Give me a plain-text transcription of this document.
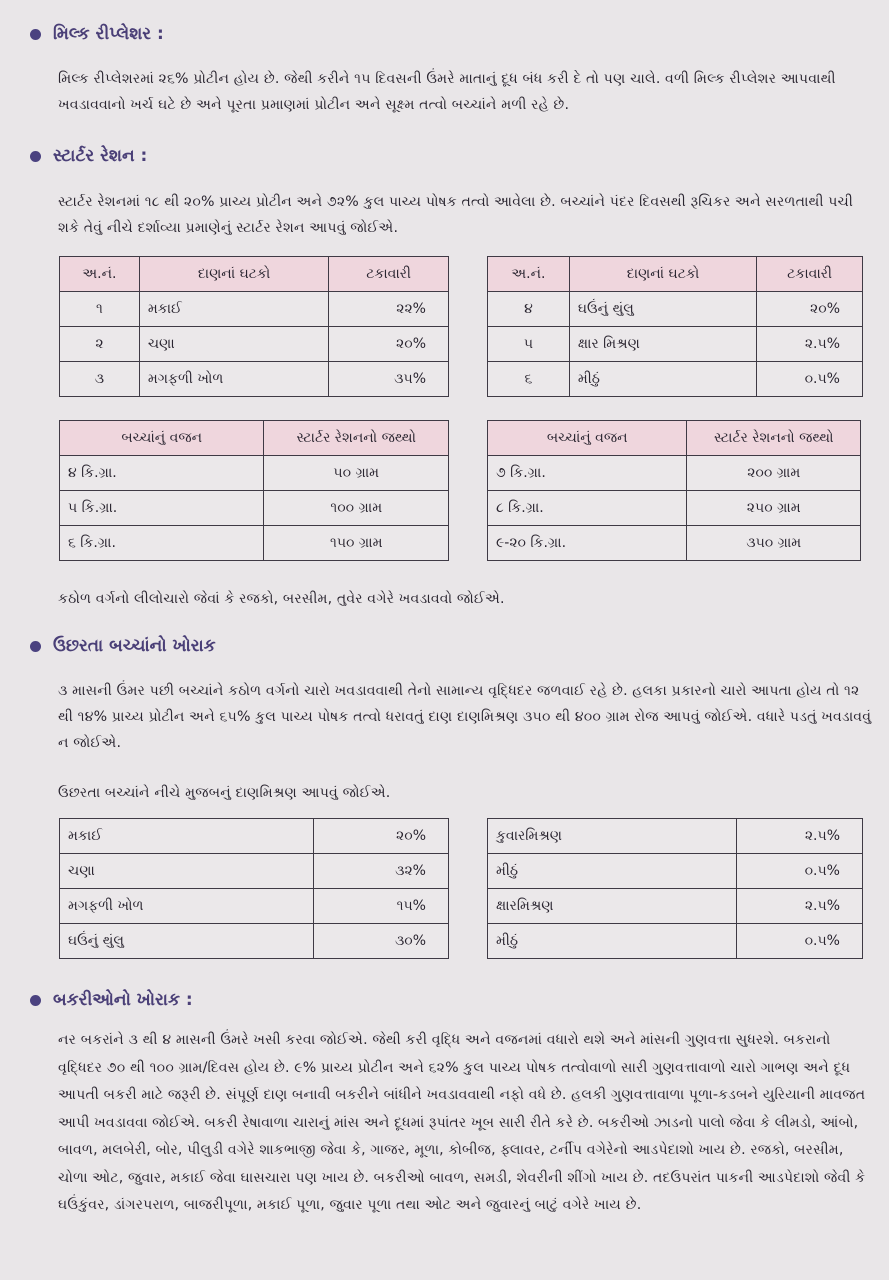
મિલ્ક રીપ્લેશર :

મિલ્ક રીપ્લેશરમાં ૨૬% પ્રોટીન હોય છે. જેથી કરીને ૧૫ દિવસની ઉંમરે માતાનું દૂધ બંધ કરી દે તો પણ ચાલે. વળી મિલ્ક રીપ્લેશર આપવાથી ખવડાવવાનો ખર્ચ ઘટે છે અને પૂરતા પ્રમાણમાં પ્રોટીન અને સૂક્ષ્મ તત્વો બચ્ચાંને મળી રહે છે.

સ્ટાર્ટર રેશન :

સ્ટાર્ટર રેશનમાં ૧૮ થી ૨૦% પ્રાચ્ય પ્રોટીન અને ૭૨% કુલ પાચ્ય પોષક તત્વો આવેલા છે. બચ્ચાંને પંદર દિવસથી રૂચિકર અને સરળતાથી પચી શકે તેવું નીચે દર્શાવ્યા પ્રમાણેનું સ્ટાર્ટર રેશન આપવું જોઈએ.

અ.નં.	દાણનાં ઘટકો	ટકાવારી
૧	મકાઈ	૨૨%
૨	ચણા	૨૦%
૩	મગફળી ખોળ	૩૫%
અ.નં.	દાણનાં ઘટકો	ટકાવારી
૪	ઘઉંનું થુંલુ	૨૦%
૫	ક્ષાર મિશ્રણ	૨.૫%
૬	મીઠું	૦.૫%
બચ્ચાંનું વજન	સ્ટાર્ટર રેશનનો જથ્થો
૪ કિ.ગ્રા.	૫૦ ગ્રામ
૫ કિ.ગ્રા.	૧૦૦ ગ્રામ
૬ કિ.ગ્રા.	૧૫૦ ગ્રામ
બચ્ચાંનું વજન	સ્ટાર્ટર રેશનનો જથ્થો
૭ કિ.ગ્રા.	૨૦૦ ગ્રામ
૮ કિ.ગ્રા.	૨૫૦ ગ્રામ
૯-૨૦ કિ.ગ્રા.	૩૫૦ ગ્રામ

કઠોળ વર્ગનો લીલોચારો જેવાં કે રજકો, બરસીમ, તુવેર વગેરે ખવડાવવો જોઈએ.

ઉછરતા બચ્ચાંનો ખોરાક

૩ માસની ઉંમર પછી બચ્ચાંને કઠોળ વર્ગનો ચારો ખવડાવવાથી તેનો સામાન્ય વૃદ્ધિદર જળવાઈ રહે છે. હલકા પ્રકારનો ચારો આપતા હોય તો ૧૨ થી ૧૪% પ્રાચ્ય પ્રોટીન અને ૬૫% કુલ પાચ્ય પોષક તત્વો ધરાવતું દાણ દાણમિશ્રણ ૩૫૦ થી ૪૦૦ ગ્રામ રોજ આપવું જોઈએ. વધારે પડતું ખવડાવવું ન જોઈએ.

ઉછરતા બચ્ચાંને નીચે મુજબનું દાણમિશ્રણ આપવું જોઈએ.

મકાઈ	૨૦%
ચણા	૩૨%
મગફળી ખોળ	૧૫%
ઘઉંનું થુંલુ	૩૦%
કુવારમિશ્રણ	૨.૫%
મીઠું	૦.૫%
ક્ષારમિશ્રણ	૨.૫%
મીઠું	૦.૫%
બકરીઓનો ખોરાક :

નર બકરાંને ૩ થી ૪ માસની ઉંમરે ખસી કરવા જોઈએ. જેથી કરી વૃદ્ધિ અને વજનમાં વધારો થશે અને માંસની ગુણવત્તા સુધરશે. બકરાનો વૃદ્ધિદર ૭૦ થી ૧૦૦ ગ્રામ/દિવસ હોય છે. ૯% પ્રાચ્ય પ્રોટીન અને ૬૨% કુલ પાચ્ય પોષક તત્વોવાળો સારી ગુણવત્તાવાળો ચારો ગાભણ અને દૂધ આપતી બકરી માટે જરૂરી છે. સંપૂર્ણ દાણ બનાવી બકરીને બાંધીને ખવડાવવાથી નફો વધે છે. હલકી ગુણવત્તાવાળા પૂળા-કડબને યુરિયાની માવજત આપી ખવડાવવા જોઈએ. બકરી રેષાવાળા ચારાનું માંસ અને દૂધમાં રૂપાંતર ખૂબ સારી રીતે કરે છે. બકરીઓ ઝાડનો પાલો જેવા કે લીમડો, આંબો, બાવળ, મલબેરી, બોર, પીલુડી વગેરે શાકભાજી જેવા કે, ગાજર, મૂળા, કોબીજ, ફ્લાવર, ટર્નીપ વગેરેનો આડપેદાશો ખાય છે. રજકો, બરસીમ, ચોળા ઓટ, જુવાર, મકાઈ જેવા ઘાસચારા પણ ખાય છે. બકરીઓ બાવળ, સમડી, શેવરીની શીંગો ખાય છે. તદઉપરાંત પાકની આડપેદાશો જેવી કે ઘઉંકુંવર, ડાંગરપરાળ, બાજરીપૂળા, મકાઈ પૂળા, જુવાર પૂળા તથા ઓટ અને જુવારનું બાટું વગેરે ખાય છે.
